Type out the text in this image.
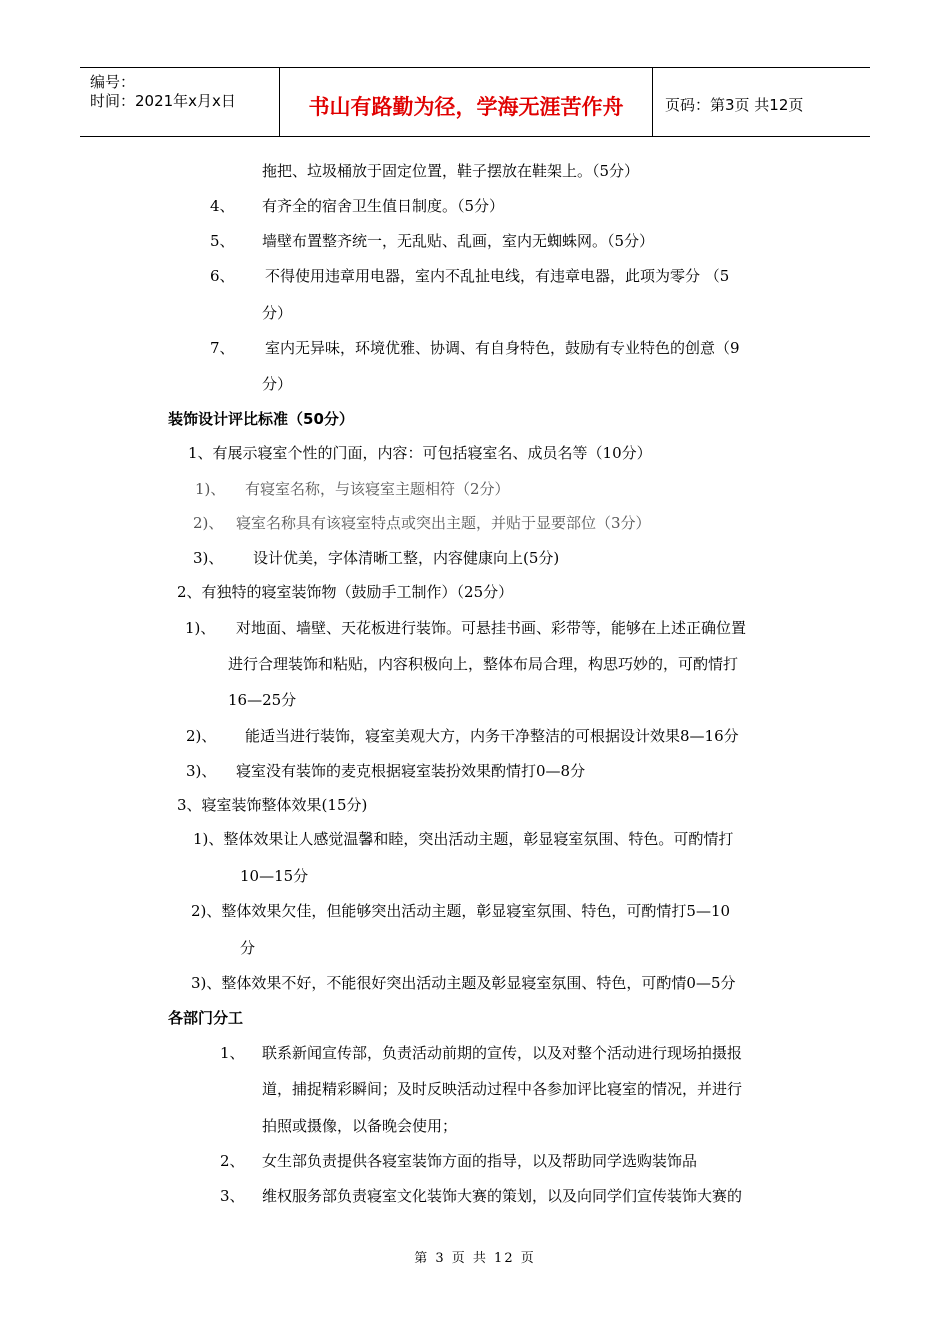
编号：
时间：2021年x月x日	书山有路勤为径，学海无涯苦作舟	页码：第3页 共12页
拖把、垃圾桶放于固定位置，鞋子摆放在鞋架上。（5分）
4、 有齐全的宿舍卫生值日制度。（5分）
5、 墙壁布置整齐统一，无乱贴、乱画，室内无蜘蛛网。（5分）
6、 不得使用违章用电器，室内不乱扯电线，有违章电器，此项为零分 （5
分）
7、 室内无异味，环境优雅、协调、有自身特色，鼓励有专业特色的创意（9
分）
装饰设计评比标准（50分）
1、有展示寝室个性的门面，内容：可包括寝室名、成员名等（10分）
1)、 有寝室名称，与该寝室主题相符（2分）
2)、 寝室名称具有该寝室特点或突出主题，并贴于显要部位（3分）
3)、 设计优美，字体清晰工整，内容健康向上(5分)
2、有独特的寝室装饰物（鼓励手工制作）（25分）
1)、 对地面、墙壁、天花板进行装饰。可悬挂书画、彩带等，能够在上述正确位置
进行合理装饰和粘贴，内容积极向上，整体布局合理，构思巧妙的，可酌情打
16—25分
2)、 能适当进行装饰，寝室美观大方，内务干净整洁的可根据设计效果8—16分
3)、 寝室没有装饰的麦克根据寝室装扮效果酌情打0—8分
3、寝室装饰整体效果(15分)
1)、整体效果让人感觉温馨和睦，突出活动主题，彰显寝室氛围、特色。可酌情打
10—15分
2)、整体效果欠佳，但能够突出活动主题，彰显寝室氛围、特色，可酌情打5—10
分
3)、整体效果不好，不能很好突出活动主题及彰显寝室氛围、特色，可酌情0—5分
各部门分工
1、 联系新闻宣传部，负责活动前期的宣传，以及对整个活动进行现场拍摄报
道，捕捉精彩瞬间；及时反映活动过程中各参加评比寝室的情况，并进行
拍照或摄像，以备晚会使用；
2、 女生部负责提供各寝室装饰方面的指导，以及帮助同学选购装饰品
3、 维权服务部负责寝室文化装饰大赛的策划，以及向同学们宣传装饰大赛的
第 3 页 共 12 页
